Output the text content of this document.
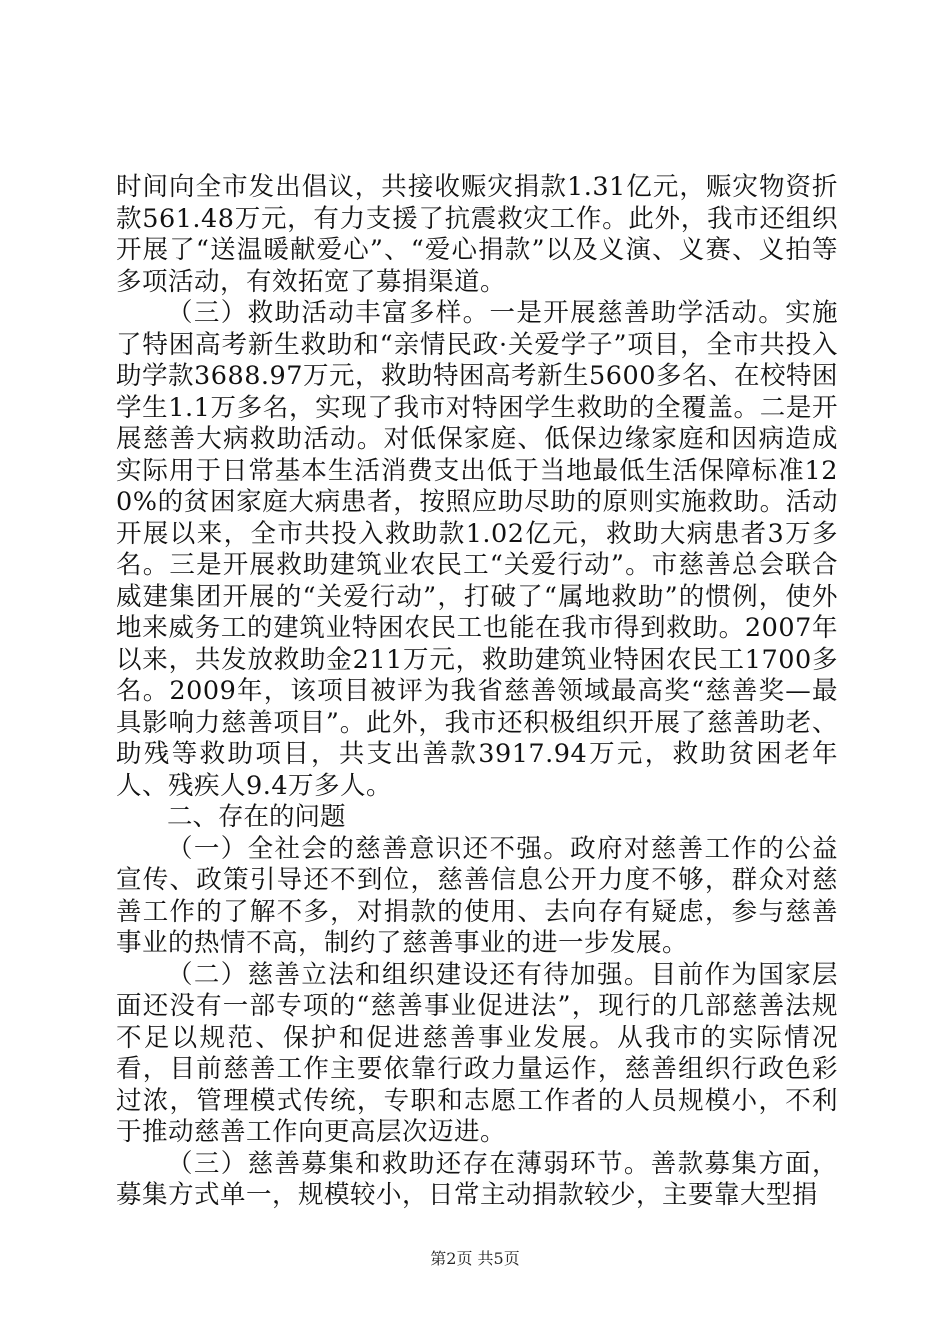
时间向全市发出倡议，共接收赈灾捐款1.31亿元，赈灾物资折款561.48万元，有力支援了抗震救灾工作。此外，我市还组织开展了“送温暖献爱心”、“爱心捐款”以及义演、义赛、义拍等多项活动，有效拓宽了募捐渠道。

（三）救助活动丰富多样。一是开展慈善助学活动。实施了特困高考新生救助和“亲情民政·关爱学子”项目，全市共投入助学款3688.97万元，救助特困高考新生5600多名、在校特困学生1.1万多名，实现了我市对特困学生救助的全覆盖。二是开展慈善大病救助活动。对低保家庭、低保边缘家庭和因病造成实际用于日常基本生活消费支出低于当地最低生活保障标准120%的贫困家庭大病患者，按照应助尽助的原则实施救助。活动开展以来，全市共投入救助款1.02亿元，救助大病患者3万多名。三是开展救助建筑业农民工“关爱行动”。市慈善总会联合威建集团开展的“关爱行动”，打破了“属地救助”的惯例，使外地来威务工的建筑业特困农民工也能在我市得到救助。2007年以来，共发放救助金211万元，救助建筑业特困农民工1700多名。2009年，该项目被评为我省慈善领域最高奖“慈善奖—最具影响力慈善项目”。此外，我市还积极组织开展了慈善助老、助残等救助项目，共支出善款3917.94万元，救助贫困老年人、残疾人9.4万多人。

二、存在的问题

（一）全社会的慈善意识还不强。政府对慈善工作的公益宣传、政策引导还不到位，慈善信息公开力度不够，群众对慈善工作的了解不多，对捐款的使用、去向存有疑虑，参与慈善事业的热情不高，制约了慈善事业的进一步发展。

（二）慈善立法和组织建设还有待加强。目前作为国家层面还没有一部专项的“慈善事业促进法”，现行的几部慈善法规不足以规范、保护和促进慈善事业发展。从我市的实际情况看，目前慈善工作主要依靠行政力量运作，慈善组织行政色彩过浓，管理模式传统，专职和志愿工作者的人员规模小，不利于推动慈善工作向更高层次迈进。

（三）慈善募集和救助还存在薄弱环节。善款募集方面，募集方式单一，规模较小，日常主动捐款较少，主要靠大型捐

第2页 共5页
